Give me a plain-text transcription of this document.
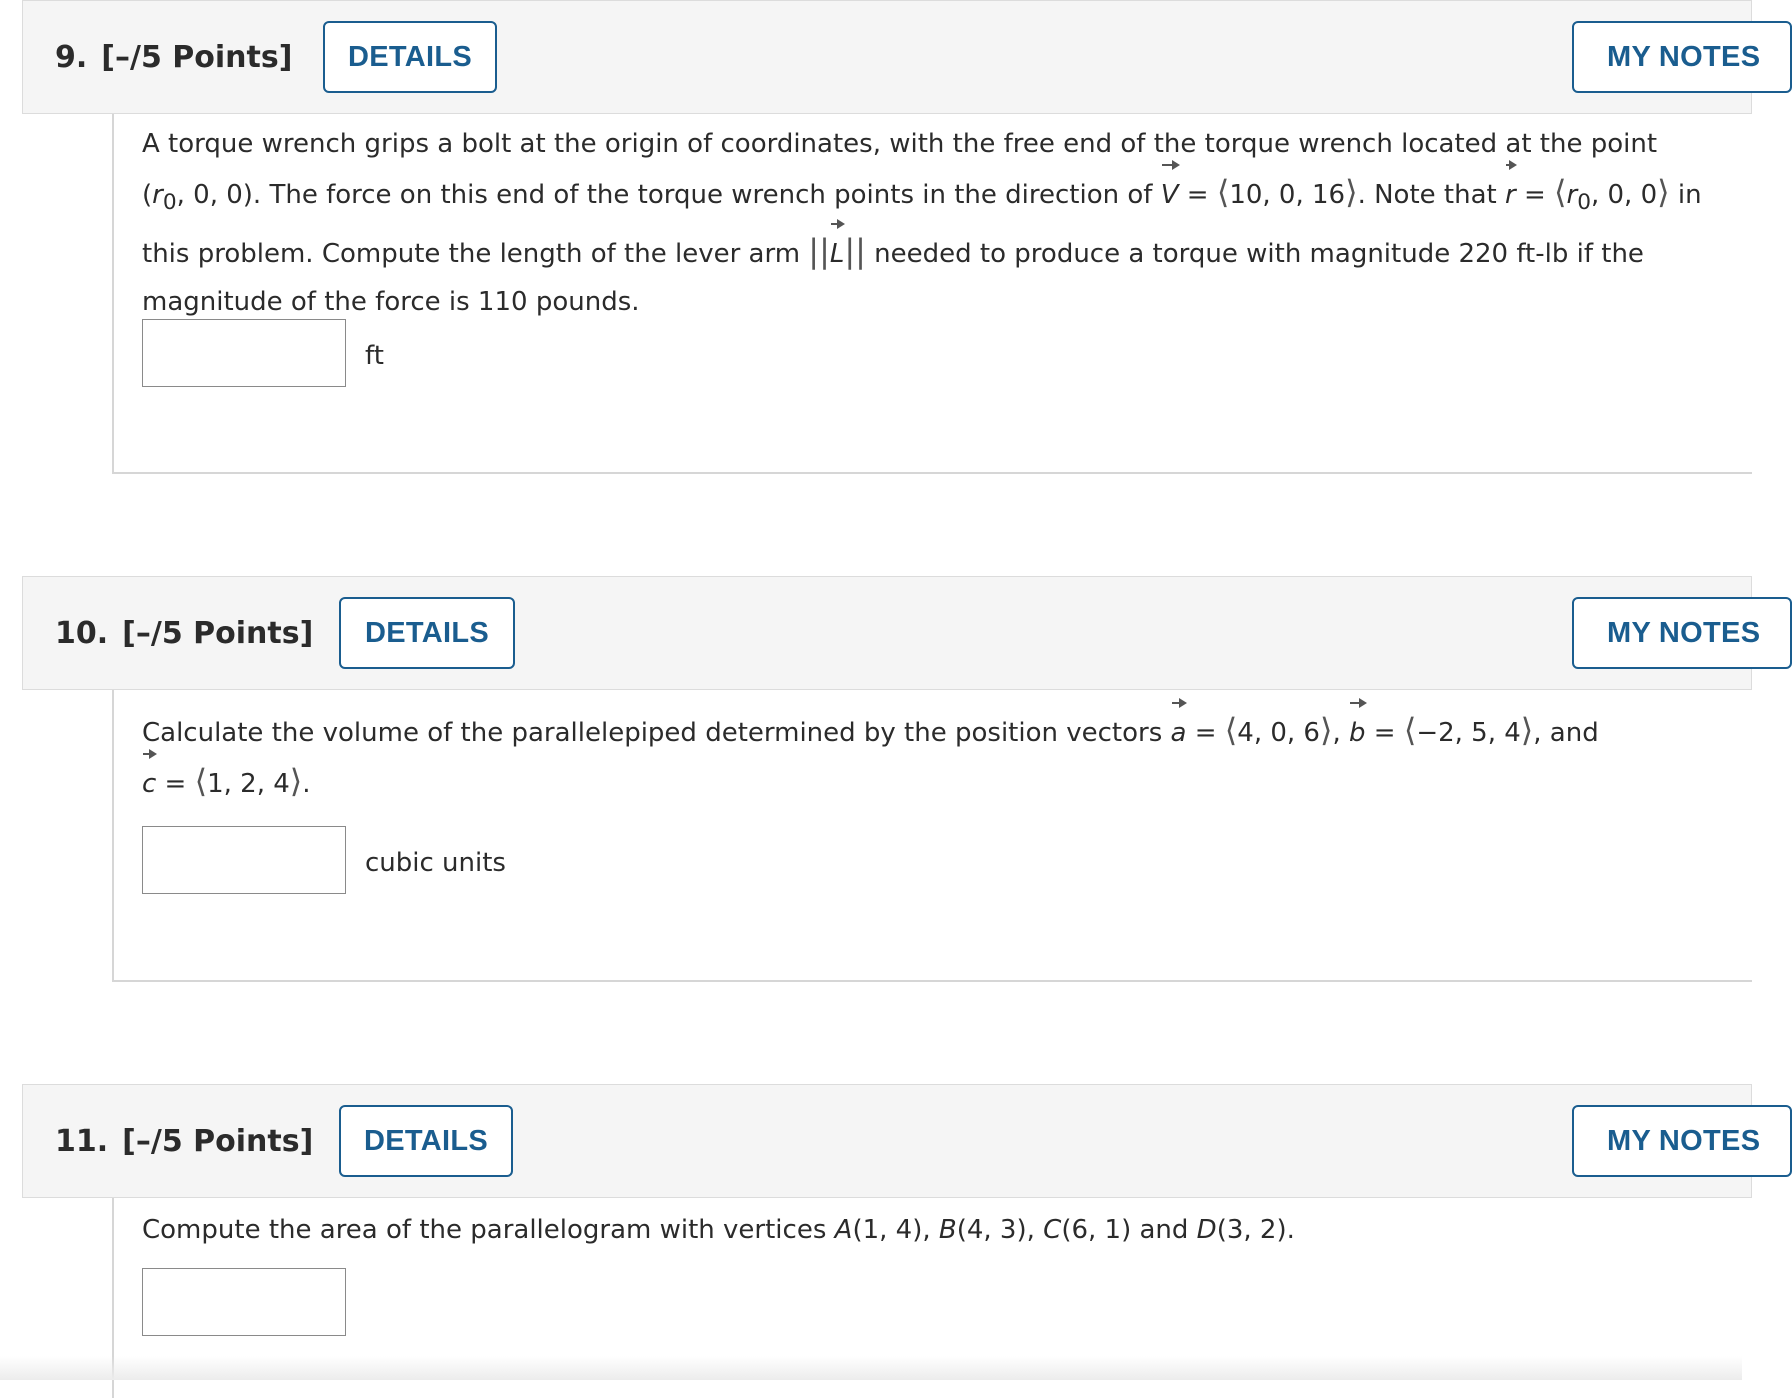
9. [–/5 Points]	DETAILS	MY NOTES
A torque wrench grips a bolt at the origin of coordinates, with the free end of the torque wrench located at the point
($r_0$, 0, 0). The force on this end of the torque wrench points in the direction of V = ⟨10, 0, 16⟩. Note that $r = ⟨r_0$, 0, 0⟩ in
this problem. Compute the length of the lever arm ||L|| needed to produce a torque with magnitude 220 ft-lb if the
magnitude of the force is 110 pounds.
ft
10. [–/5 Points]	DETAILS	MY NOTES
Calculate the volume of the parallelepiped determined by the position vectors a = ⟨4, 0, 6⟩, b = ⟨−2, 5, 4⟩, and
c = ⟨1, 2, 4⟩.
cubic units
11. [–/5 Points]	DETAILS	MY NOTES
Compute the area of the parallelogram with vertices A(1, 4), B(4, 3), C(6, 1) and D(3, 2).
